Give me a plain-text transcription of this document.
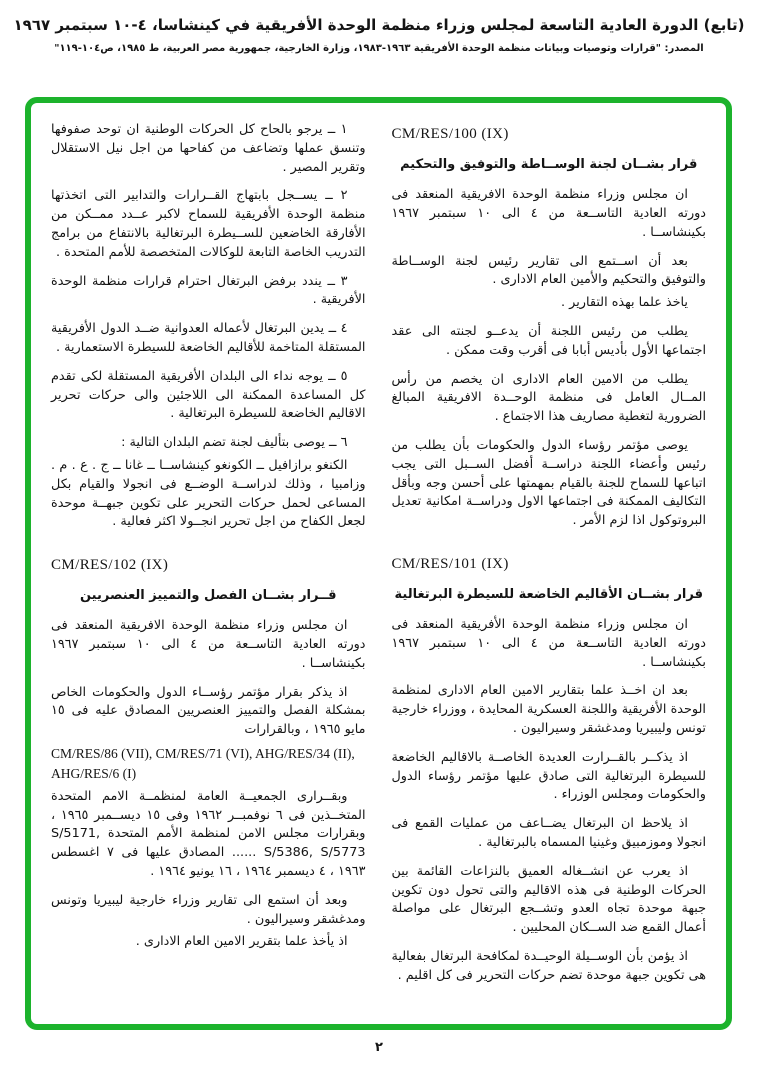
(تابع) الدورة العادية التاسعة لمجلس وزراء منظمة الوحدة الأفريقية في كينشاسا، ٤-١٠ سبتمبر ١٩٦٧
المصدر: "قرارات وتوصيات وبيانات منظمة الوحدة الأفريقية ١٩٦٣-١٩٨٣، وزارة الخارجية، جمهورية مصر العربية، ط ١٩٨٥، ص١٠٤-١١٩"
CM/RES/100 (IX)
قرار بشــان لجنة الوســاطة والتوفيق والتحكيم

ان مجلس وزراء منظمة الوحدة الافريقية المنعقد فى دورته العادية التاســعة من ٤ الى ١٠ سبتمبر ١٩٦٧ بكينشاســا .

بعد أن اســتمع الى تقارير رئيس لجنة الوســاطة والتوفيق والتحكيم والأمين العام الادارى .

ياخذ علما بهذه التقارير .

يطلب من رئيس اللجنة أن يدعــو لجنته الى عقد اجتماعها الأول بأديس أبابا فى أقرب وقت ممكن .

يطلب من الامين العام الادارى ان يخصم من رأس المــال العامل فى منظمة الوحــدة الافريقية المبالغ الضرورية لتغطية مصاريف هذا الاجتماع .

يوصى مؤتمر رؤساء الدول والحكومات بأن يطلب من رئيس وأعضاء اللجنة دراســة أفضل الســبل التى يجب اتباعها للسماح للجنة بالقيام بمهمتها على أحسن وجه وبأقل التكاليف الممكنة فى اجتماعها الاول ودراســة امكانية تعديل البروتوكول اذا لزم الأمر .

CM/RES/101 (IX)
قرار بشــان الأقاليم الخاضعة للسيطرة البرتغالية

ان مجلس وزراء منظمة الوحدة الأفريقية المنعقد فى دورته العادية التاســعة من ٤ الى ١٠ سبتمبر ١٩٦٧ بكينشاســا .

بعد ان اخــذ علما بتقارير الامين العام الادارى لمنظمة الوحدة الأفريقية واللجنة العسكرية المحايدة ، ووزراء خارجية تونس وليبيريا ومدغشقر وسيراليون .

اذ يذكــر بالقــرارت العديدة الخاصــة بالاقاليم الخاضعة للسيطرة البرتغالية التى صادق عليها مؤتمر رؤساء الدول والحكومات ومجلس الوزراء .

اذ يلاحظ ان البرتغال يضــاعف من عمليات القمع فى انجولا وموزمبيق وغينيا المسماه بالبرتغالية .

اذ يعرب عن انشــغاله العميق بالنزاعات القائمة بين الحركات الوطنية فى هذه الاقاليم والتى تحول دون تكوين جبهة موحدة تجاه العدو وتشــجع البرتغال على مواصلة أعمال القمع ضد الســكان المحليين .

اذ يؤمن بأن الوســيلة الوحيــدة لمكافحة البرتغال بفعالية هى تكوين جبهة موحدة تضم حركات التحرير فى كل اقليم .

١ ــ يرجو بالحاح كل الحركات الوطنية ان توحد صفوفها وتنسق عملها وتضاعف من كفاحها من اجل نيل الاستقلال وتقرير المصير .

٢ ــ يســجل بابتهاج القــرارات والتدابير التى اتخذتها منظمة الوحدة الأفريقية للسماح لاكبر عــدد ممــكن من الأفارقة الخاضعين للســيطرة البرتغالية بالانتفاع من برامج التدريب الخاصة التابعة للوكالات المتخصصة للأمم المتحدة .

٣ ــ يندد برفض البرتغال احترام قرارات منظمة الوحدة الأفريقية .

٤ ــ يدين البرتغال لأعماله العدوانية ضــد الدول الأفريقية المستقلة المتاخمة للأقاليم الخاضعة للسيطرة الاستعمارية .

٥ ــ يوجه نداء الى البلدان الأفريقية المستقلة لكى تقدم كل المساعدة الممكنة الى اللاجئين والى حركات تحرير الاقاليم الخاضعة للسيطرة البرتغالية .

٦ ــ يوصى بتأليف لجنة تضم البلدان التالية :

الكنغو برازافيل ــ الكونغو كينشاســا ــ غانا ــ ج . ع . م . وزامبيا ، وذلك لدراســة الوضــع فى انجولا والقيام بكل المساعى لحمل حركات التحرير على تكوين جبهــة موحدة لجعل الكفاح من اجل تحرير انجــولا اكثر فعالية .

CM/RES/102 (IX)
قــرار بشــان الفصل والتمييز العنصريين

ان مجلس وزراء منظمة الوحدة الافريقية المنعقد فى دورته العادية التاســعة من ٤ الى ١٠ سبتمبر ١٩٦٧ بكينشاســا .

اذ يذكر بقرار مؤتمر رؤســاء الدول والحكومات الخاص بمشكلة الفصل والتمييز العنصريين المصادق عليه فى ١٥ مايو ١٩٦٥ ، وبالقرارات

CM/RES/86 (VII), CM/RES/71 (VI), AHG/RES/34 (II), AHG/RES/6 (I)

وبقــرارى الجمعيــة العامة لمنظمــة الامم المتحدة المتخــذين فى ٦ نوفمبــر ١٩٦٢ وفى ١٥ ديســمبر ١٩٦٥ ، وبقرارات مجلس الامن لمنظمة الأمم المتحدة S/5171, S/5386, S/5773 ...... المصادق عليها فى ٧ اغسطس ١٩٦٣ ، ٤ ديسمبر ١٩٦٤ ، ١٦ يونيو ١٩٦٤ .

وبعد أن استمع الى تقارير وزراء خارجية ليبيريا وتونس ومدغشقر وسيراليون .

اذ يأخذ علما بتقرير الامين العام الادارى .

٢
